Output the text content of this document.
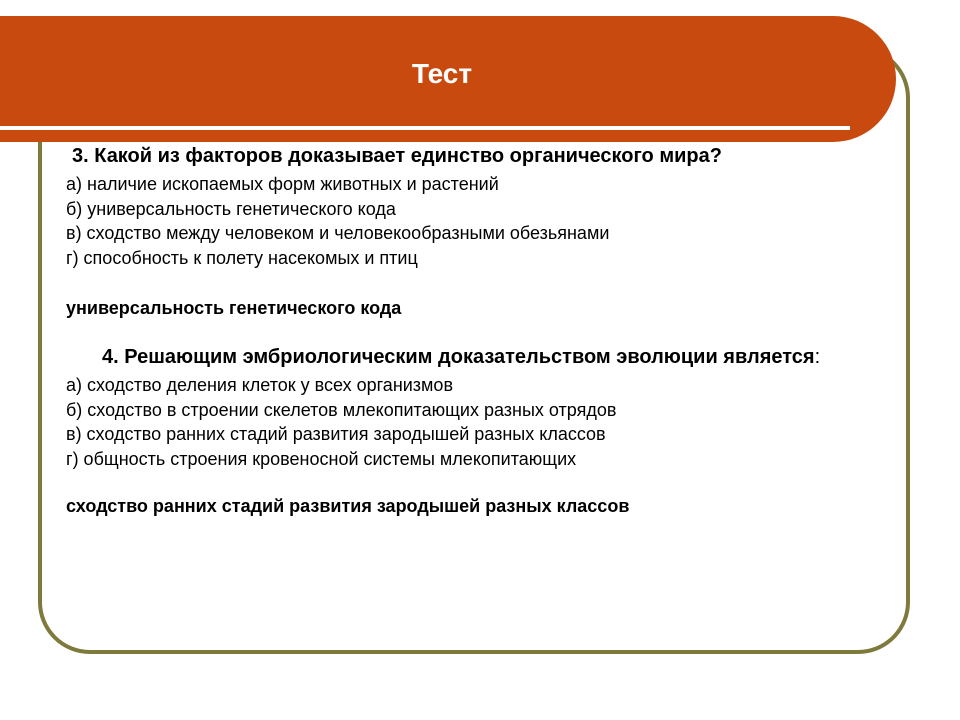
Тест
3. Какой из факторов доказывает единство органического мира?
а) наличие ископаемых форм животных и растений
б) универсальность генетического кода
в) сходство между человеком и человекообразными обезьянами
г) способность к полету насекомых и птиц
универсальность генетического кода
4. Решающим эмбриологическим доказательством эволюции является:
а) сходство деления клеток у всех организмов
б) сходство в строении скелетов млекопитающих разных отрядов
в) сходство ранних стадий развития зародышей разных классов
г) общность строения кровеносной системы млекопитающих
сходство ранних стадий развития зародышей разных классов
